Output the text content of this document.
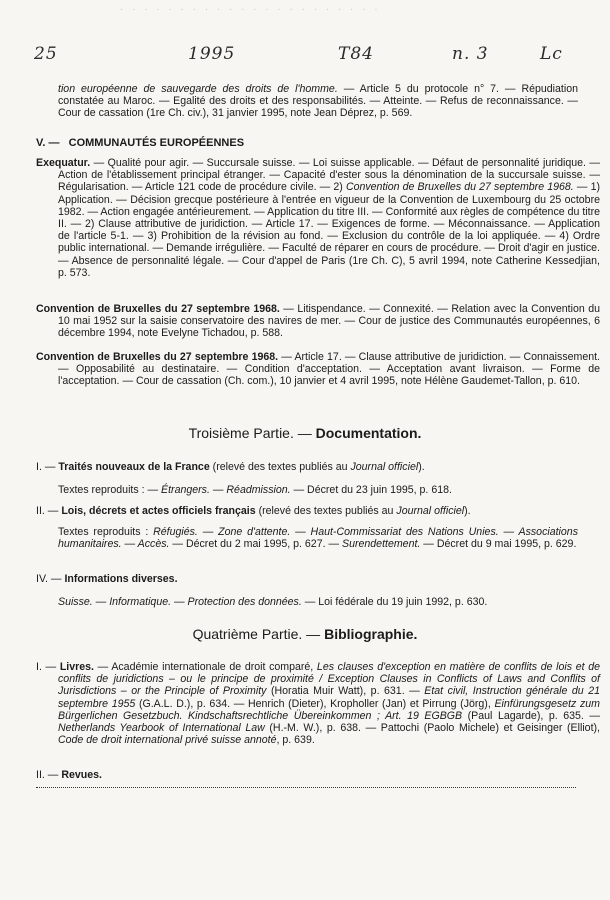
· · · · · · · · · · · · · · · · · · · · · ·
25	1995	T84	n. 3	Lc
tion européenne de sauvegarde des droits de l'homme. — Article 5 du protocole n° 7. — Répudiation constatée au Maroc. — Egalité des droits et des responsabilités. — Atteinte. — Refus de reconnaissance. — Cour de cassation (1re Ch. civ.), 31 janvier 1995, note Jean Déprez, p. 569.
V. — COMMUNAUTÉS EUROPÉENNES
Exequatur. — Qualité pour agir. — Succursale suisse. — Loi suisse applicable. — Défaut de personnalité juridique. — Action de l'établissement principal étranger. — Capacité d'ester sous la dénomination de la succursale suisse. — Régularisation. — Article 121 code de procédure civile. — 2) Convention de Bruxelles du 27 septembre 1968. — 1) Application. — Décision grecque postérieure à l'entrée en vigueur de la Convention de Luxembourg du 25 octobre 1982. — Action engagée antérieurement. — Application du titre III. — Conformité aux règles de compétence du titre II. — 2) Clause attributive de juridiction. — Article 17. — Exigences de forme. — Méconnaissance. — Application de l'article 5-1. — 3) Prohibition de la révision au fond. — Exclusion du contrôle de la loi appliquée. — 4) Ordre public international. — Demande irrégulière. — Faculté de réparer en cours de procédure. — Droit d'agir en justice. — Absence de personnalité légale. — Cour d'appel de Paris (1re Ch. C), 5 avril 1994, note Catherine Kessedjian, p. 573.
Convention de Bruxelles du 27 septembre 1968. — Litispendance. — Connexité. — Relation avec la Convention du 10 mai 1952 sur la saisie conservatoire des navires de mer. — Cour de justice des Communautés européennes, 6 décembre 1994, note Evelyne Tichadou, p. 588.
Convention de Bruxelles du 27 septembre 1968. — Article 17. — Clause attributive de juridiction. — Connaissement. — Opposabilité au destinataire. — Condition d'acceptation. — Acceptation avant livraison. — Forme de l'acceptation. — Cour de cassation (Ch. com.), 10 janvier et 4 avril 1995, note Hélène Gaudemet-Tallon, p. 610.
Troisième Partie. — Documentation.
I. — Traités nouveaux de la France (relevé des textes publiés au Journal officiel).
Textes reproduits : — Étrangers. — Réadmission. — Décret du 23 juin 1995, p. 618.
II. — Lois, décrets et actes officiels français (relevé des textes publiés au Journal officiel).
Textes reproduits : Réfugiés. — Zone d'attente. — Haut-Commissariat des Nations Unies. — Associations humanitaires. — Accès. — Décret du 2 mai 1995, p. 627. — Surendettement. — Décret du 9 mai 1995, p. 629.
IV. — Informations diverses.
Suisse. — Informatique. — Protection des données. — Loi fédérale du 19 juin 1992, p. 630.
Quatrième Partie. — Bibliographie.
I. — Livres. — Académie internationale de droit comparé, Les clauses d'exception en matière de conflits de lois et de conflits de juridictions – ou le principe de proximité / Exception Clauses in Conflicts of Laws and Conflits of Jurisdictions – or the Principle of Proximity (Horatia Muir Watt), p. 631. — Etat civil, Instruction générale du 21 septembre 1955 (G.A.L. D.), p. 634. — Henrich (Dieter), Kropholler (Jan) et Pirrung (Jörg), Einfürungsgesetz zum Bürgerlichen Gesetzbuch. Kindschaftsrechtliche Übereinkommen ; Art. 19 EGBGB (Paul Lagarde), p. 635. — Netherlands Yearbook of International Law (H.-M. W.), p. 638. — Pattochi (Paolo Michele) et Geisinger (Elliot), Code de droit international privé suisse annoté, p. 639.
II. — Revues.
